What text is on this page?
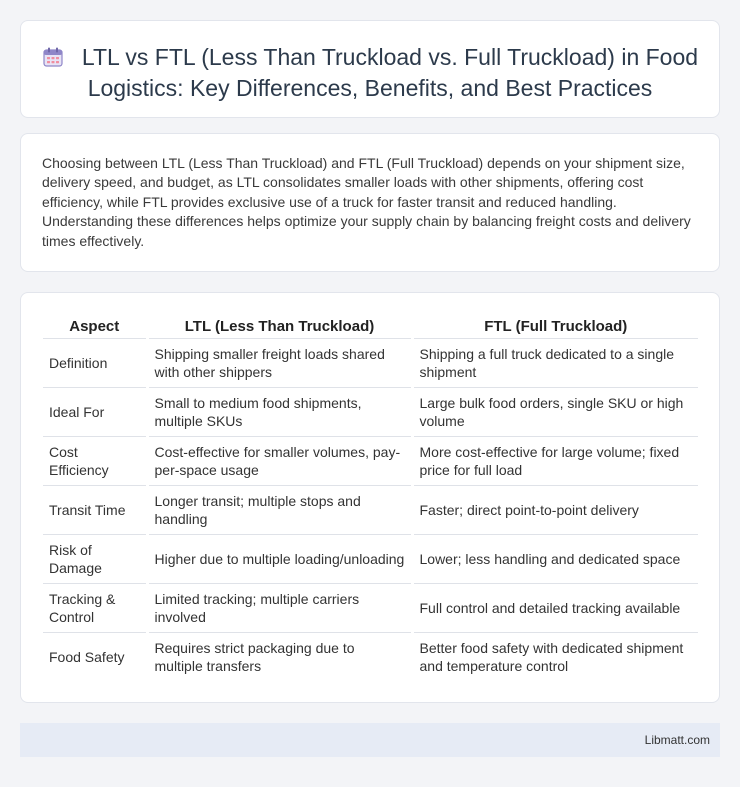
LTL vs FTL (Less Than Truckload vs. Full Truckload) in Food Logistics: Key Differences, Benefits, and Best Practices

Choosing between LTL (Less Than Truckload) and FTL (Full Truckload) depends on your shipment size, delivery speed, and budget, as LTL consolidates smaller loads with other shipments, offering cost efficiency, while FTL provides exclusive use of a truck for faster transit and reduced handling. Understanding these differences helps optimize your supply chain by balancing freight costs and delivery times effectively.

Aspect	LTL (Less Than Truckload)	FTL (Full Truckload)
Definition	Shipping smaller freight loads shared with other shippers	Shipping a full truck dedicated to a single shipment
Ideal For	Small to medium food shipments, multiple SKUs	Large bulk food orders, single SKU or high volume
Cost Efficiency	Cost-effective for smaller volumes, pay-per-space usage	More cost-effective for large volume; fixed price for full load
Transit Time	Longer transit; multiple stops and handling	Faster; direct point-to-point delivery
Risk of Damage	Higher due to multiple loading/unloading	Lower; less handling and dedicated space
Tracking & Control	Limited tracking; multiple carriers involved	Full control and detailed tracking available
Food Safety	Requires strict packaging due to multiple transfers	Better food safety with dedicated shipment and temperature control
Libmatt.com
